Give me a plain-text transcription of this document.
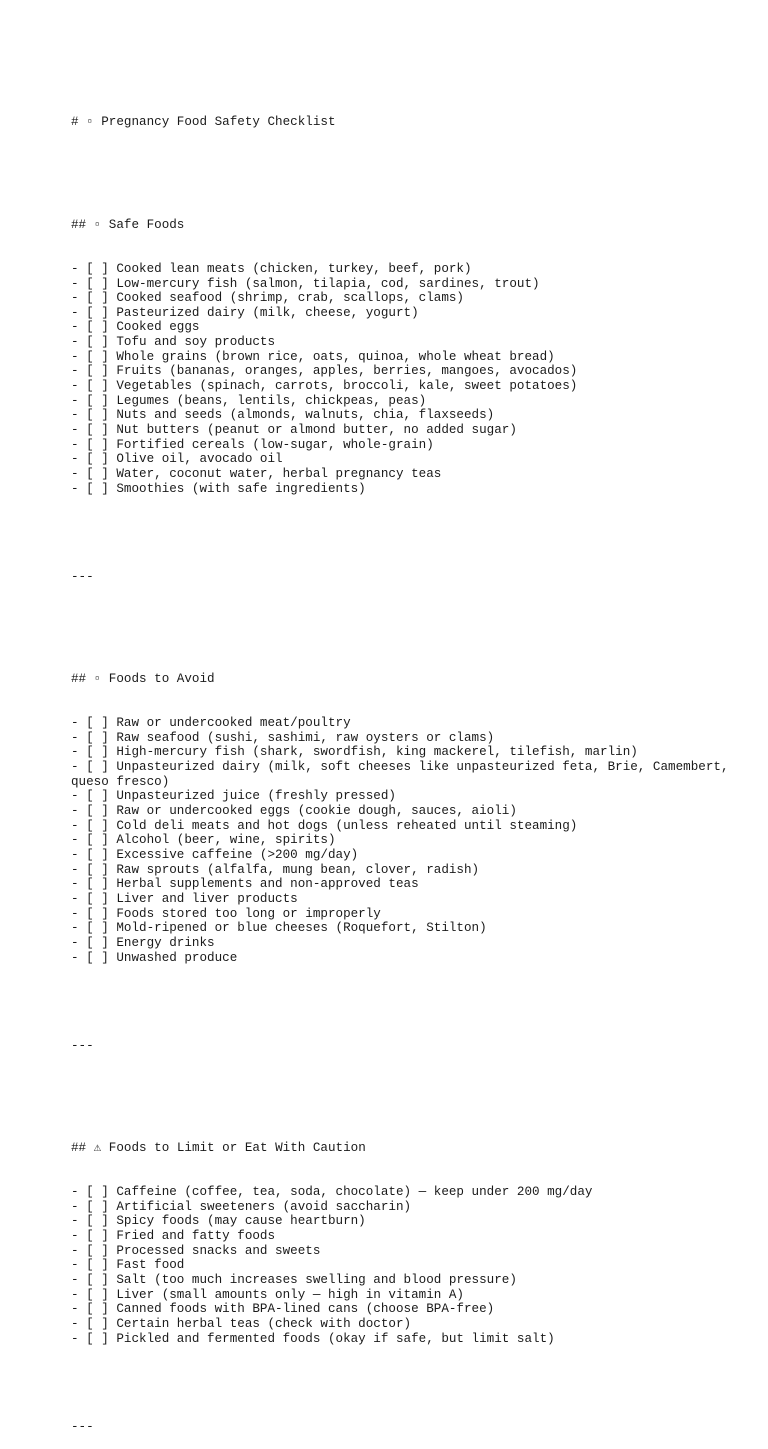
# ▫ Pregnancy Food Safety Checklist

## ▫ Safe Foods

- [ ] Cooked lean meats (chicken, turkey, beef, pork)
- [ ] Low-mercury fish (salmon, tilapia, cod, sardines, trout)
- [ ] Cooked seafood (shrimp, crab, scallops, clams)
- [ ] Pasteurized dairy (milk, cheese, yogurt)
- [ ] Cooked eggs
- [ ] Tofu and soy products
- [ ] Whole grains (brown rice, oats, quinoa, whole wheat bread)
- [ ] Fruits (bananas, oranges, apples, berries, mangoes, avocados)
- [ ] Vegetables (spinach, carrots, broccoli, kale, sweet potatoes)
- [ ] Legumes (beans, lentils, chickpeas, peas)
- [ ] Nuts and seeds (almonds, walnuts, chia, flaxseeds)
- [ ] Nut butters (peanut or almond butter, no added sugar)
- [ ] Fortified cereals (low-sugar, whole-grain)
- [ ] Olive oil, avocado oil
- [ ] Water, coconut water, herbal pregnancy teas
- [ ] Smoothies (with safe ingredients)

---

## ▫ Foods to Avoid

- [ ] Raw or undercooked meat/poultry
- [ ] Raw seafood (sushi, sashimi, raw oysters or clams)
- [ ] High-mercury fish (shark, swordfish, king mackerel, tilefish, marlin)
- [ ] Unpasteurized dairy (milk, soft cheeses like unpasteurized feta, Brie, Camembert, queso fresco)
- [ ] Unpasteurized juice (freshly pressed)
- [ ] Raw or undercooked eggs (cookie dough, sauces, aioli)
- [ ] Cold deli meats and hot dogs (unless reheated until steaming)
- [ ] Alcohol (beer, wine, spirits)
- [ ] Excessive caffeine (>200 mg/day)
- [ ] Raw sprouts (alfalfa, mung bean, clover, radish)
- [ ] Herbal supplements and non-approved teas
- [ ] Liver and liver products
- [ ] Foods stored too long or improperly
- [ ] Mold-ripened or blue cheeses (Roquefort, Stilton)
- [ ] Energy drinks
- [ ] Unwashed produce

---

## ⚠ Foods to Limit or Eat With Caution

- [ ] Caffeine (coffee, tea, soda, chocolate) — keep under 200 mg/day
- [ ] Artificial sweeteners (avoid saccharin)
- [ ] Spicy foods (may cause heartburn)
- [ ] Fried and fatty foods
- [ ] Processed snacks and sweets
- [ ] Fast food
- [ ] Salt (too much increases swelling and blood pressure)
- [ ] Liver (small amounts only — high in vitamin A)
- [ ] Canned foods with BPA-lined cans (choose BPA-free)
- [ ] Certain herbal teas (check with doctor)
- [ ] Pickled and fermented foods (okay if safe, but limit salt)

---
